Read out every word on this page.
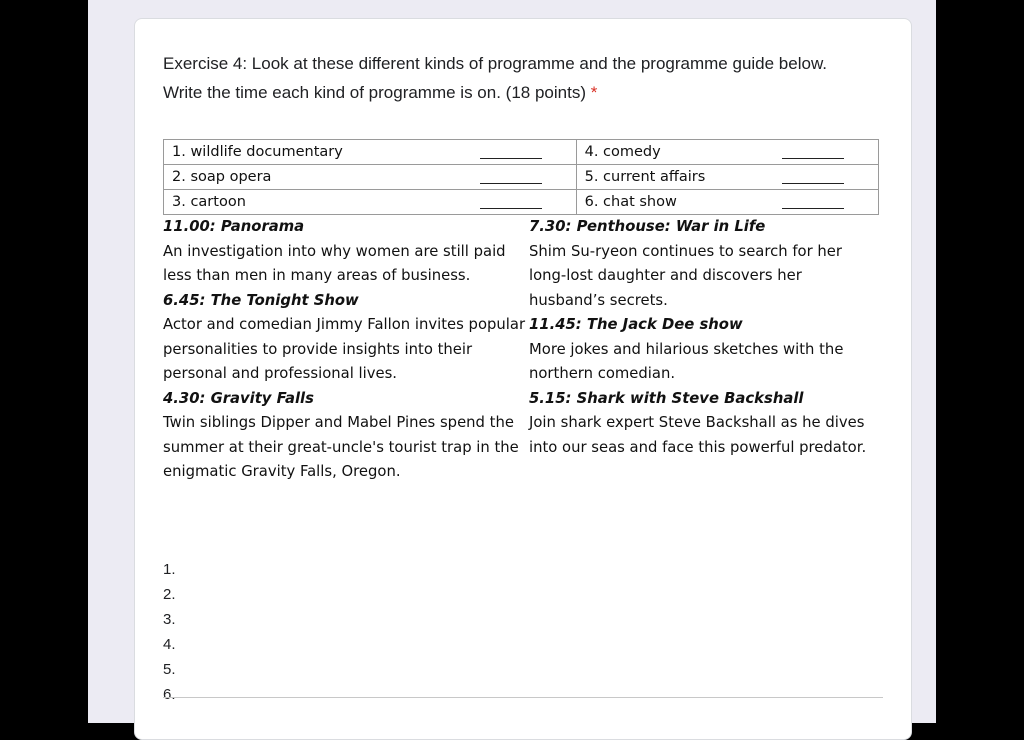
Exercise 4: Look at these different kinds of programme and the programme guide below. Write the time each kind of programme is on. (18 points) *
1. wildlife documentary	4. comedy

2. soap opera	5. current affairs

3. cartoon	6. chat show
11.00: Panorama

An investigation into why women are still paid less than men in many areas of business.

6.45: The Tonight Show

Actor and comedian Jimmy Fallon invites popular personalities to provide insights into their personal and professional lives.

4.30: Gravity Falls

Twin siblings Dipper and Mabel Pines spend the summer at their great-uncle's tourist trap in the enigmatic Gravity Falls, Oregon.

7.30: Penthouse: War in Life

Shim Su-ryeon continues to search for her long-lost daughter and discovers her husband’s secrets.

11.45: The Jack Dee show

More jokes and hilarious sketches with the northern comedian.

5.15: Shark with Steve Backshall

Join shark expert Steve Backshall as he dives into our seas and face this powerful predator.

1.
2.
3.
4.
5.
6.
